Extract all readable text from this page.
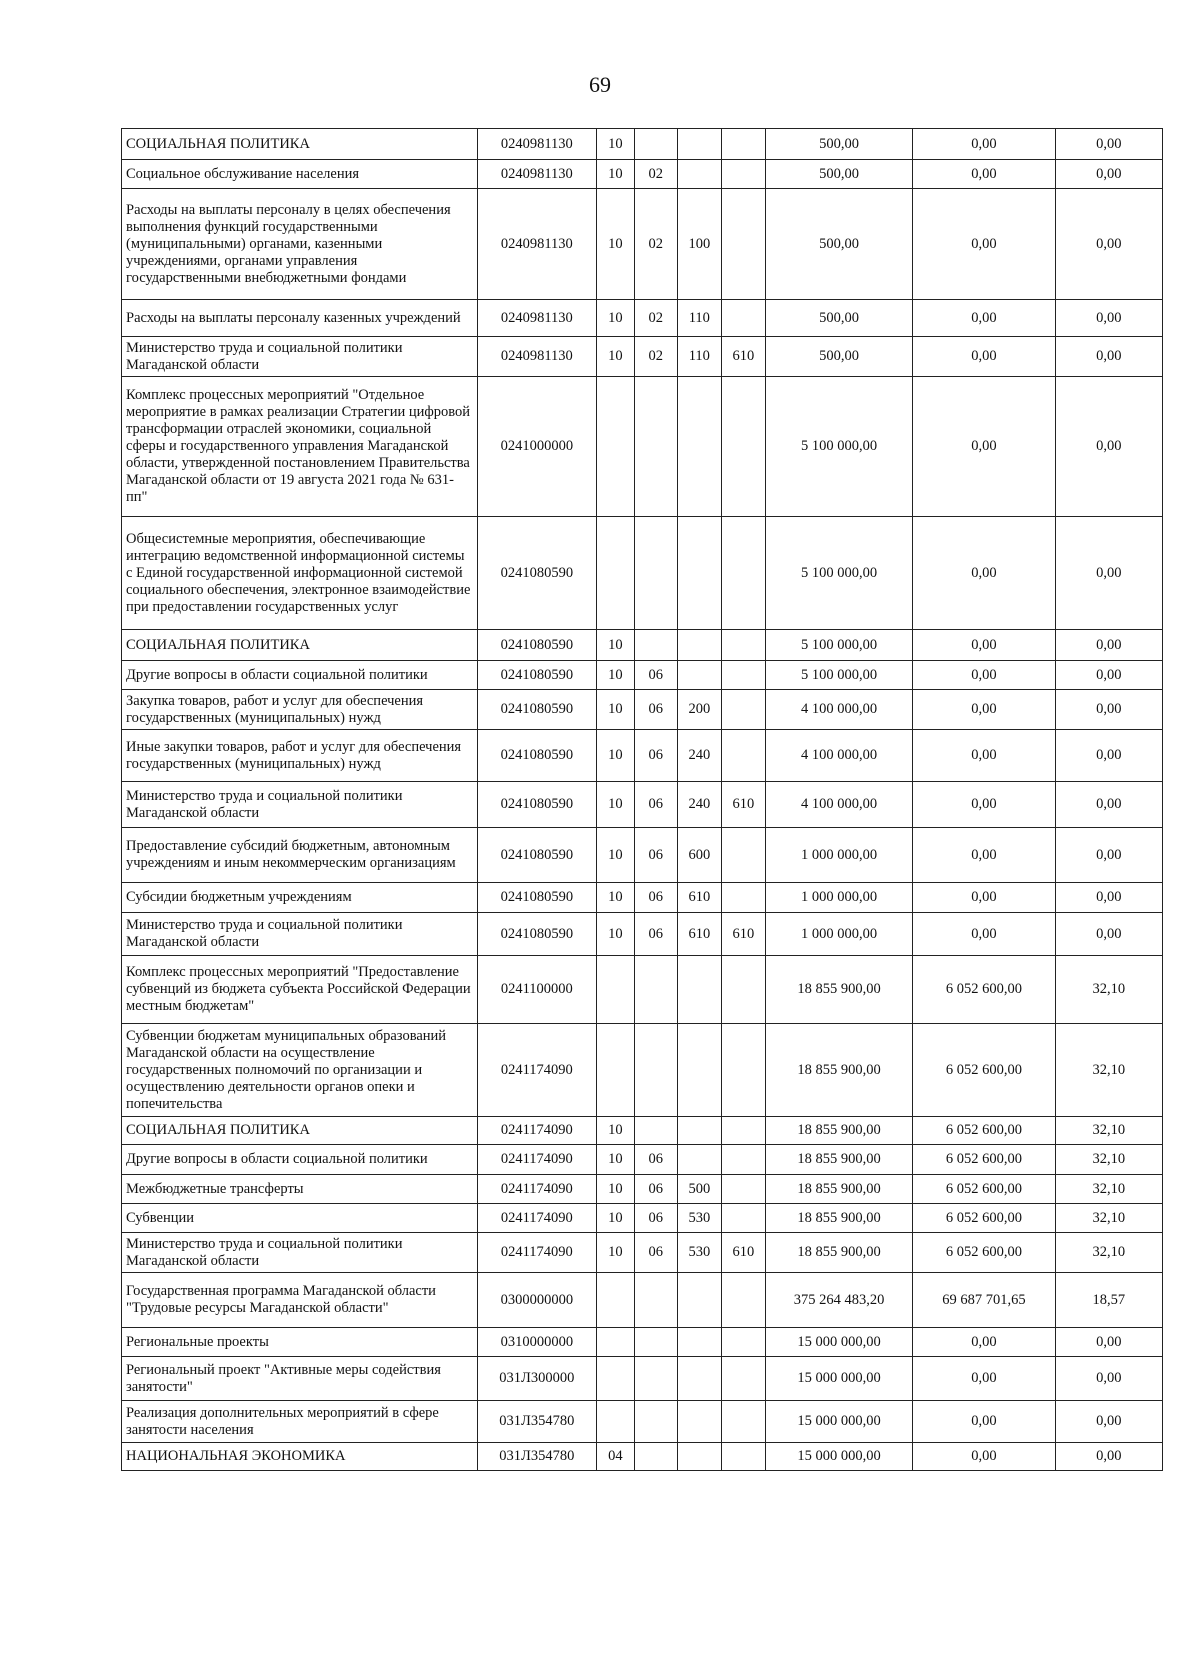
69
СОЦИАЛЬНАЯ ПОЛИТИКА	0240981130	10				500,00	0,00	0,00
Социальное обслуживание населения	0240981130	10	02			500,00	0,00	0,00
Расходы на выплаты персоналу в целях обеспечения выполнения функций государственными (муниципальными) органами, казенными учреждениями, органами управления государственными внебюджетными фондами	0240981130	10	02	100		500,00	0,00	0,00
Расходы на выплаты персоналу казенных учреждений	0240981130	10	02	110		500,00	0,00	0,00
Министерство труда и социальной политики Магаданской области	0240981130	10	02	110	610	500,00	0,00	0,00
Комплекс процессных мероприятий "Отдельное мероприятие в рамках реализации Стратегии цифровой трансформации отраслей экономики, социальной сферы и государственного управления Магаданской области, утвержденной постановлением Правительства Магаданской области от 19 августа 2021 года № 631-пп"	0241000000					5 100 000,00	0,00	0,00
Общесистемные мероприятия, обеспечивающие интеграцию ведомственной информационной системы с Единой государственной информационной системой социального обеспечения, электронное взаимодействие при предоставлении государственных услуг	0241080590					5 100 000,00	0,00	0,00
СОЦИАЛЬНАЯ ПОЛИТИКА	0241080590	10				5 100 000,00	0,00	0,00
Другие вопросы в области социальной политики	0241080590	10	06			5 100 000,00	0,00	0,00
Закупка товаров, работ и услуг для обеспечения государственных (муниципальных) нужд	0241080590	10	06	200		4 100 000,00	0,00	0,00
Иные закупки товаров, работ и услуг для обеспечения государственных (муниципальных) нужд	0241080590	10	06	240		4 100 000,00	0,00	0,00
Министерство труда и социальной политики Магаданской области	0241080590	10	06	240	610	4 100 000,00	0,00	0,00
Предоставление субсидий бюджетным, автономным учреждениям и иным некоммерческим организациям	0241080590	10	06	600		1 000 000,00	0,00	0,00
Субсидии бюджетным учреждениям	0241080590	10	06	610		1 000 000,00	0,00	0,00
Министерство труда и социальной политики Магаданской области	0241080590	10	06	610	610	1 000 000,00	0,00	0,00
Комплекс процессных мероприятий "Предоставление субвенций из бюджета субъекта Российской Федерации местным бюджетам"	0241100000					18 855 900,00	6 052 600,00	32,10
Субвенции бюджетам муниципальных образований Магаданской области на осуществление государственных полномочий по организации и осуществлению деятельности органов опеки и попечительства	0241174090					18 855 900,00	6 052 600,00	32,10
СОЦИАЛЬНАЯ ПОЛИТИКА	0241174090	10				18 855 900,00	6 052 600,00	32,10
Другие вопросы в области социальной политики	0241174090	10	06			18 855 900,00	6 052 600,00	32,10
Межбюджетные трансферты	0241174090	10	06	500		18 855 900,00	6 052 600,00	32,10
Субвенции	0241174090	10	06	530		18 855 900,00	6 052 600,00	32,10
Министерство труда и социальной политики Магаданской области	0241174090	10	06	530	610	18 855 900,00	6 052 600,00	32,10
Государственная программа Магаданской области "Трудовые ресурсы Магаданской области"	0300000000					375 264 483,20	69 687 701,65	18,57
Региональные проекты	0310000000					15 000 000,00	0,00	0,00
Региональный проект "Активные меры содействия занятости"	031Л300000					15 000 000,00	0,00	0,00
Реализация дополнительных мероприятий в сфере занятости населения	031Л354780					15 000 000,00	0,00	0,00
НАЦИОНАЛЬНАЯ ЭКОНОМИКА	031Л354780	04				15 000 000,00	0,00	0,00
